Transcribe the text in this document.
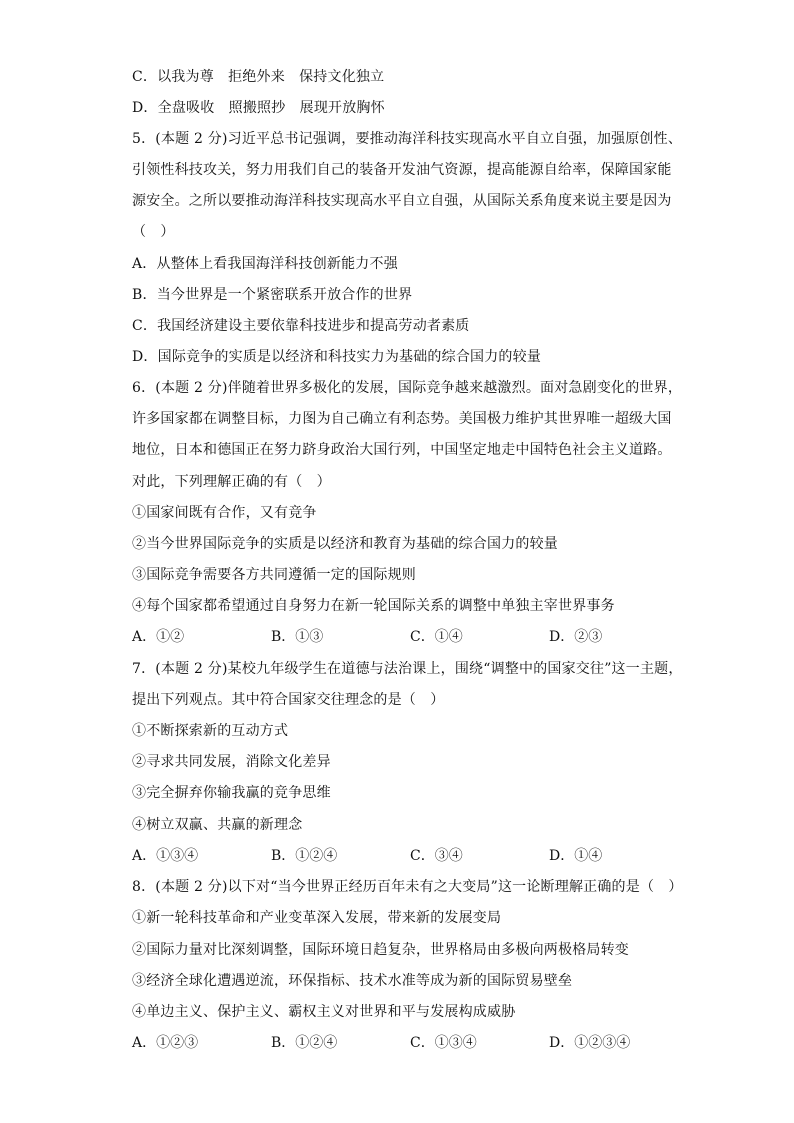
C．以我为尊　拒绝外来　保持文化独立
D．全盘吸收　照搬照抄　展现开放胸怀
5．(本题 2 分)习近平总书记强调，要推动海洋科技实现高水平自立自强，加强原创性、
引领性科技攻关，努力用我们自己的装备开发油气资源，提高能源自给率，保障国家能
源安全。之所以要推动海洋科技实现高水平自立自强，从国际关系角度来说主要是因为
（　）
A．从整体上看我国海洋科技创新能力不强
B．当今世界是一个紧密联系开放合作的世界
C．我国经济建设主要依靠科技进步和提高劳动者素质
D．国际竞争的实质是以经济和科技实力为基础的综合国力的较量
6．(本题 2 分)伴随着世界多极化的发展，国际竞争越来越激烈。面对急剧变化的世界，
许多国家都在调整目标，力图为自己确立有利态势。美国极力维护其世界唯一超级大国
地位，日本和德国正在努力跻身政治大国行列，中国坚定地走中国特色社会主义道路。
对此，下列理解正确的有（　）
①国家间既有合作，又有竞争
②当今世界国际竞争的实质是以经济和教育为基础的综合国力的较量
③国际竞争需要各方共同遵循一定的国际规则
④每个国家都希望通过自身努力在新一轮国际关系的调整中单独主宰世界事务
A．①②	B．①③	C．①④	D．②③
7．(本题 2 分)某校九年级学生在道德与法治课上，围绕“调整中的国家交往”这一主题，
提出下列观点。其中符合国家交往理念的是（　）
①不断探索新的互动方式
②寻求共同发展，消除文化差异
③完全摒弃你输我赢的竞争思维
④树立双赢、共赢的新理念
A．①③④	B．①②④	C．③④	D．①④
8．(本题 2 分)以下对“当今世界正经历百年未有之大变局”这一论断理解正确的是（　）
①新一轮科技革命和产业变革深入发展，带来新的发展变局
②国际力量对比深刻调整，国际环境日趋复杂，世界格局由多极向两极格局转变
③经济全球化遭遇逆流，环保指标、技术水准等成为新的国际贸易壁垒
④单边主义、保护主义、霸权主义对世界和平与发展构成威胁
A．①②③	B．①②④	C．①③④	D．①②③④
